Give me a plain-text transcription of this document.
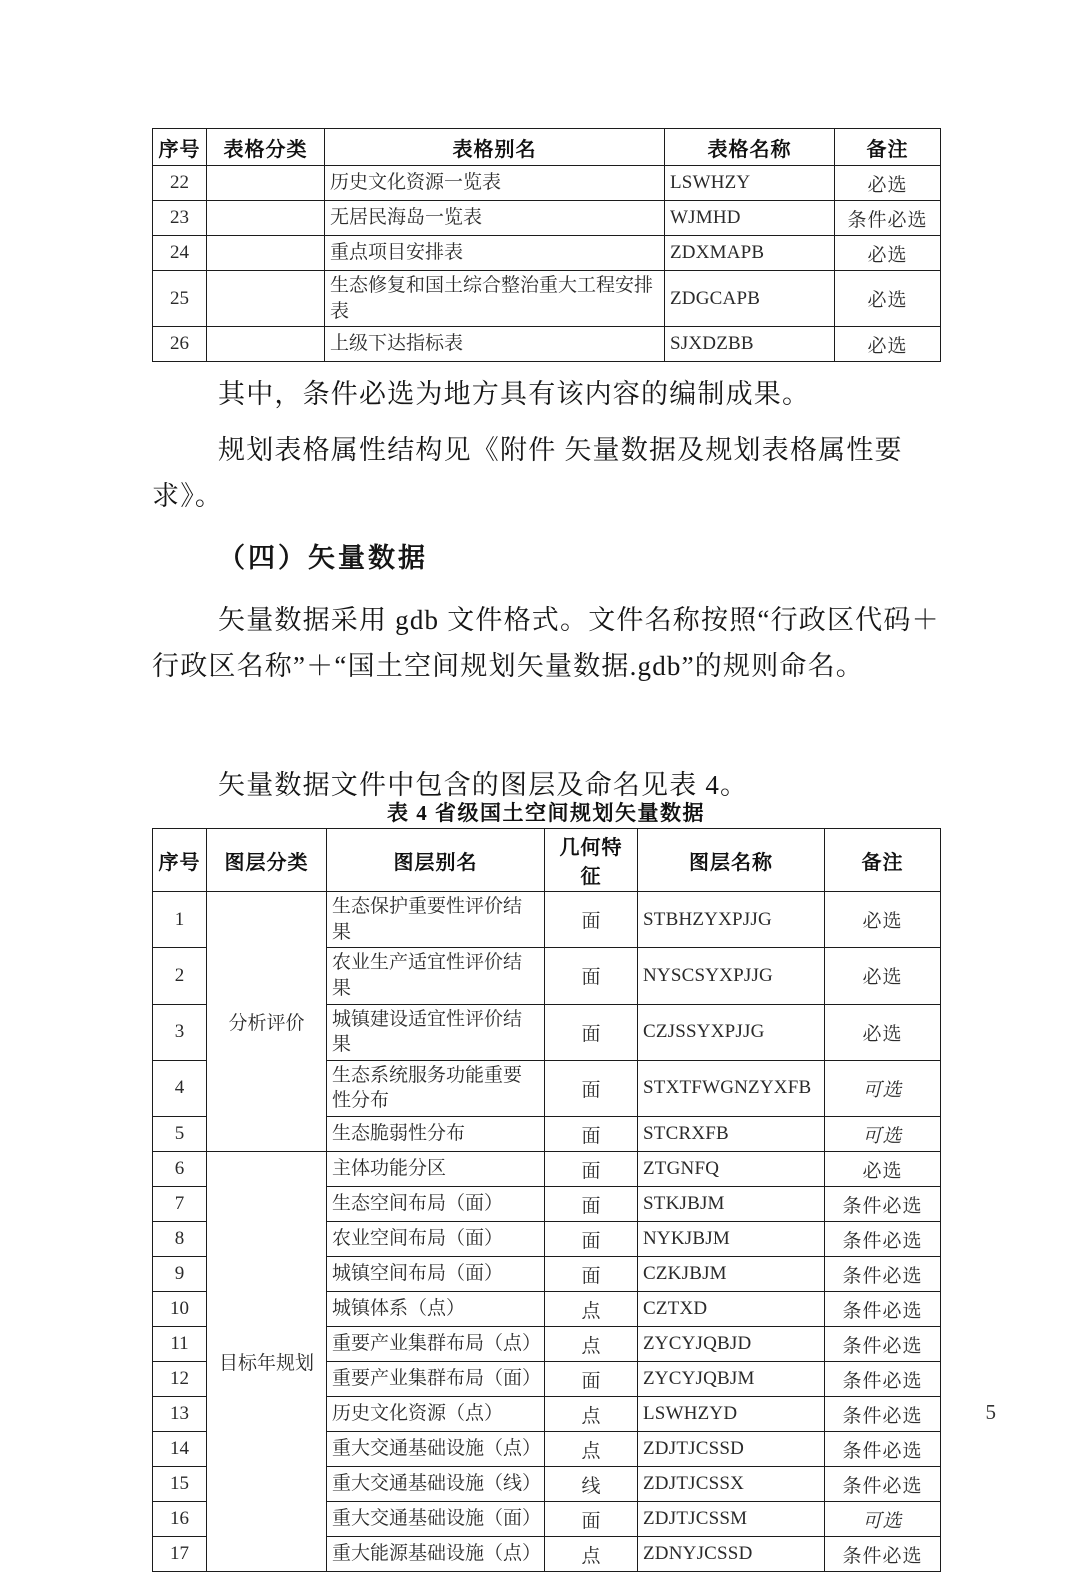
序号	表格分类	表格别名	表格名称	备注
22		历史文化资源一览表	LSWHZY	必选
23		无居民海岛一览表	WJMHD	条件必选
24		重点项目安排表	ZDXMAPB	必选
25		生态修复和国土综合整治重大工程安排表	ZDGCAPB	必选
26		上级下达指标表	SJXDZBB	必选

其中，条件必选为地方具有该内容的编制成果。

规划表格属性结构见《附件 矢量数据及规划表格属性要求》。

（四）矢量数据

矢量数据采用 gdb 文件格式。文件名称按照“行政区代码＋行政区名称”＋“国土空间规划矢量数据.gdb”的规则命名。

矢量数据文件中包含的图层及命名见表 4。

表 4 省级国土空间规划矢量数据
序号	图层分类	图层别名	几何特征	图层名称	备注
1	分析评价	生态保护重要性评价结果	面	STBHZYXPJJG	必选
2		农业生产适宜性评价结果	面	NYSCSYXPJJG	必选
3		城镇建设适宜性评价结果	面	CZJSSYXPJJG	必选
4		生态系统服务功能重要性分布	面	STXTFWGNZYXFB	可选
5		生态脆弱性分布	面	STCRXFB	可选
6	目标年规划	主体功能分区	面	ZTGNFQ	必选
7		生态空间布局（面）	面	STKJBJM	条件必选
8		农业空间布局（面）	面	NYKJBJM	条件必选
9		城镇空间布局（面）	面	CZKJBJM	条件必选
10		城镇体系（点）	点	CZTXD	条件必选
11		重要产业集群布局（点）	点	ZYCYJQBJD	条件必选
12		重要产业集群布局（面）	面	ZYCYJQBJM	条件必选
13		历史文化资源（点）	点	LSWHZYD	条件必选
14		重大交通基础设施（点）	点	ZDJTJCSSD	条件必选
15		重大交通基础设施（线）	线	ZDJTJCSSX	条件必选
16		重大交通基础设施（面）	面	ZDJTJCSSM	可选
17		重大能源基础设施（点）	点	ZDNYJCSSD	条件必选
5
